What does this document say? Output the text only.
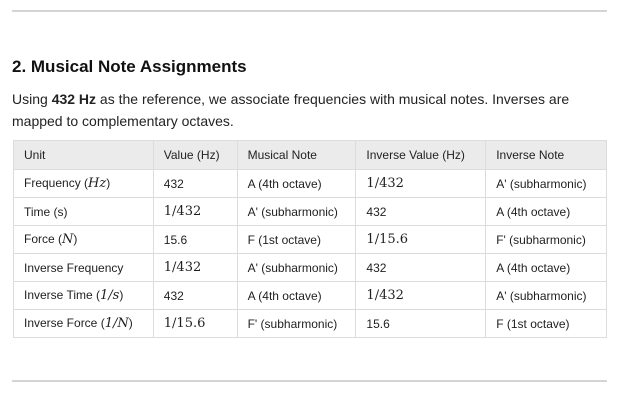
2. Musical Note Assignments

Using 432 Hz as the reference, we associate frequencies with musical notes. Inverses are mapped to complementary octaves.

Unit	Value (Hz)	Musical Note	Inverse Value (Hz)	Inverse Note
Frequency (Hz)	432	A (4th octave)	1/432	A' (subharmonic)
Time (s)	1/432	A' (subharmonic)	432	A (4th octave)
Force (N)	15.6	F (1st octave)	1/15.6	F' (subharmonic)
Inverse Frequency	1/432	A' (subharmonic)	432	A (4th octave)
Inverse Time (1/s)	432	A (4th octave)	1/432	A' (subharmonic)
Inverse Force (1/N)	1/15.6	F' (subharmonic)	15.6	F (1st octave)
